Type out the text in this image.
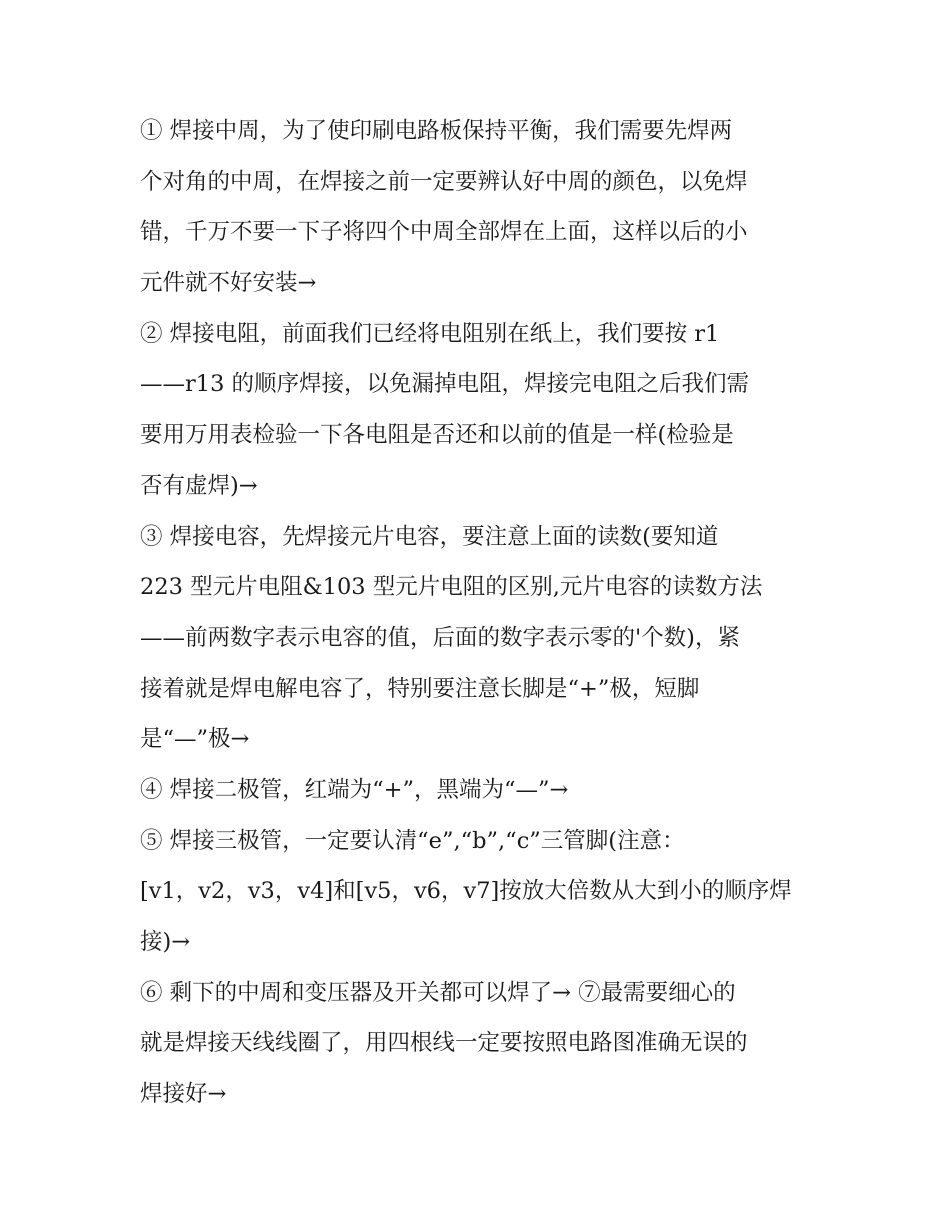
① 焊接中周，为了使印刷电路板保持平衡，我们需要先焊两
个对角的中周，在焊接之前一定要辨认好中周的颜色，以免焊
错，千万不要一下子将四个中周全部焊在上面，这样以后的小
元件就不好安装→
② 焊接电阻，前面我们已经将电阻别在纸上，我们要按 r1
——r13 的顺序焊接，以免漏掉电阻，焊接完电阻之后我们需
要用万用表检验一下各电阻是否还和以前的值是一样(检验是
否有虚焊)→
③ 焊接电容，先焊接元片电容，要注意上面的读数(要知道
223 型元片电阻&103 型元片电阻的区别,元片电容的读数方法
——前两数字表示电容的值，后面的数字表示零的'个数)，紧
接着就是焊电解电容了，特别要注意长脚是“+”极，短脚
是“—”极→
④ 焊接二极管，红端为“+”，黑端为“—”→
⑤ 焊接三极管，一定要认清“e”,“b”,“c”三管脚(注意：
[v1，v2，v3，v4]和[v5，v6，v7]按放大倍数从大到小的顺序焊
接)→
⑥ 剩下的中周和变压器及开关都可以焊了→ ⑦最需要细心的
就是焊接天线线圈了，用四根线一定要按照电路图准确无误的
焊接好→
